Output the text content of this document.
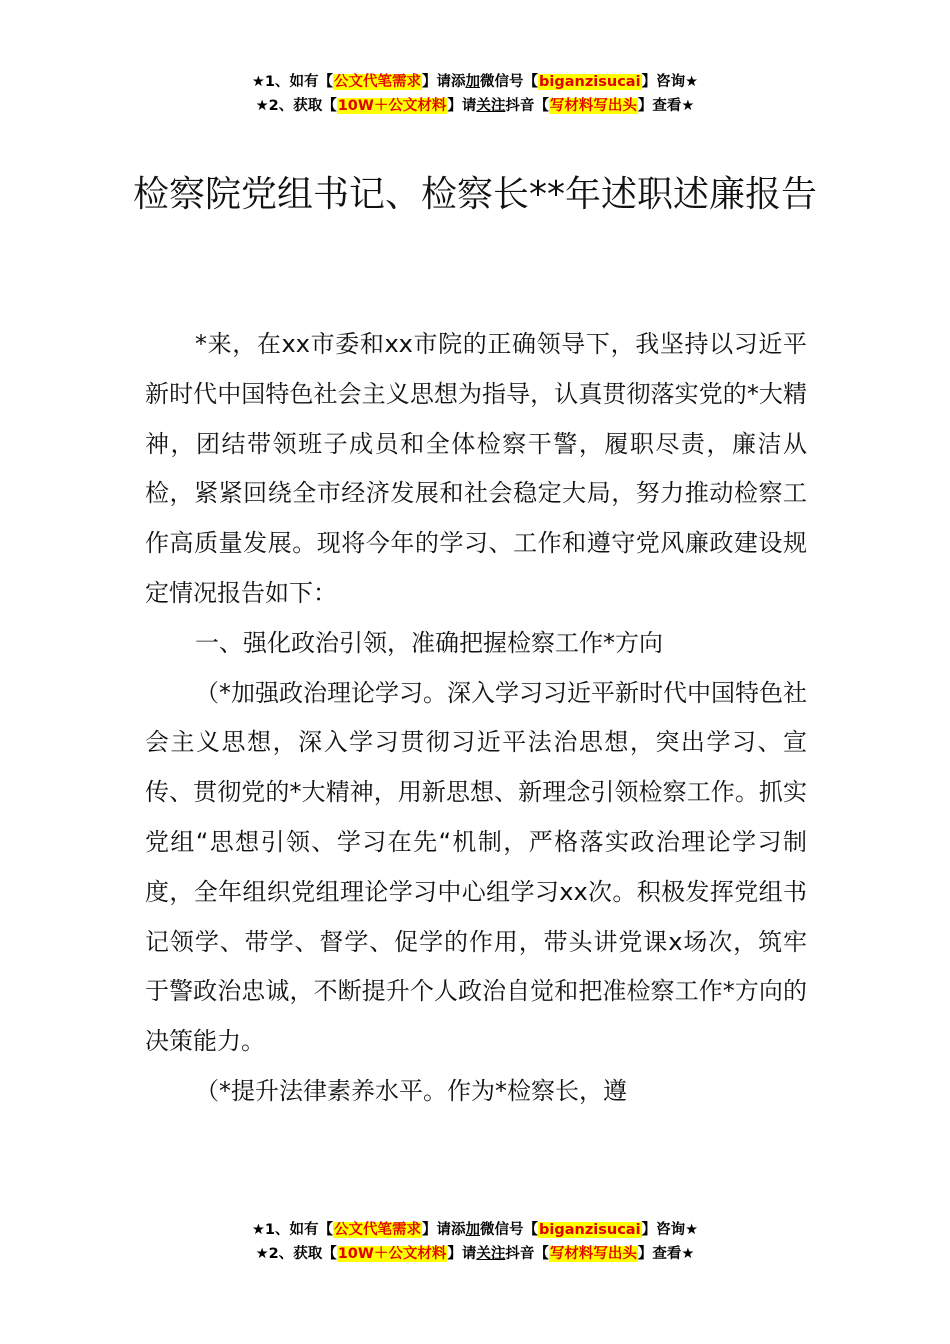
★1、如有【公文代笔需求】请添加微信号【biganzisucai】咨询★
★2、获取【10W＋公文材料】请关注抖音【写材料写出头】查看★
检察院党组书记、检察长**年述职述廉报告

*来，在xx市委和xx市院的正确领导下，我坚持以习近平新时代中国特色社会主义思想为指导，认真贯彻落实党的*大精神，团结带领班子成员和全体检察干警，履职尽责，廉洁从检，紧紧回绕全市经济发展和社会稳定大局，努力推动检察工作高质量发展。现将今年的学习、工作和遵守党风廉政建设规定情况报告如下：

一、强化政治引领，准确把握检察工作*方向

（*加强政治理论学习。深入学习习近平新时代中国特色社会主义思想，深入学习贯彻习近平法治思想，突出学习、宣传、贯彻党的*大精神，用新思想、新理念引领检察工作。抓实党组“思想引领、学习在先“机制，严格落实政治理论学习制度，全年组织党组理论学习中心组学习xx次。积极发挥党组书记领学、带学、督学、促学的作用，带头讲党课x场次，筑牢于警政治忠诚，不断提升个人政治自觉和把准检察工作*方向的决策能力。

（*提升法律素养水平。作为*检察长，遵

★1、如有【公文代笔需求】请添加微信号【biganzisucai】咨询★
★2、获取【10W＋公文材料】请关注抖音【写材料写出头】查看★
